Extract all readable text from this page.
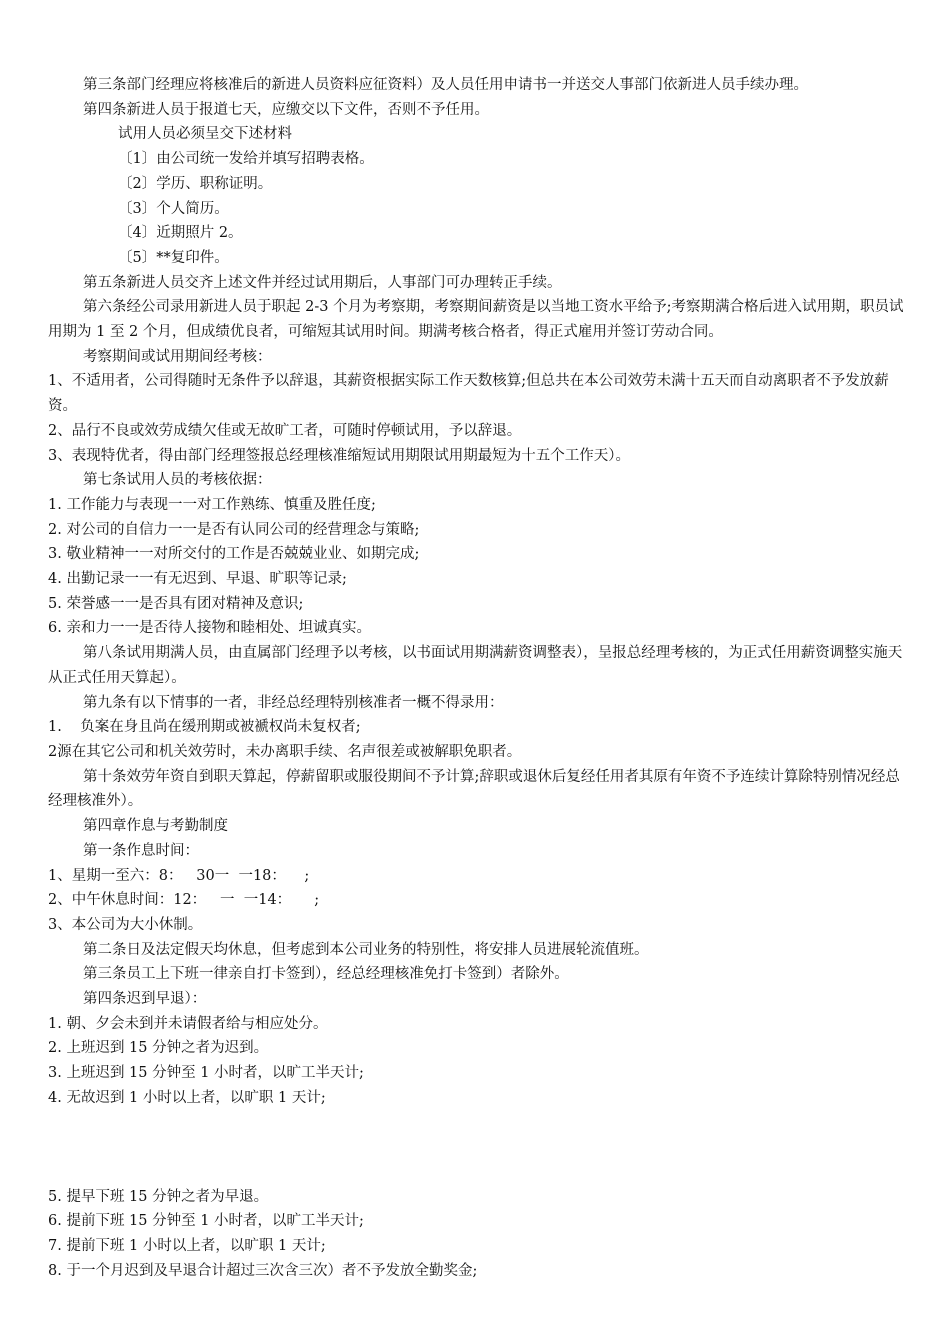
第三条部门经理应将核准后的新进人员资料应征资料）及人员任用申请书一并送交人事部门依新进人员手续办理。

第四条新进人员于报道七天，应缴交以下文件，否则不予任用。

试用人员必须呈交下述材料

〔1〕由公司统一发给并填写招聘表格。

〔2〕学历、职称证明。

〔3〕个人简历。

〔4〕近期照片 2。

〔5〕**复印件。

第五条新进人员交齐上述文件并经过试用期后，人事部门可办理转正手续。

第六条经公司录用新进人员于职起 2-3 个月为考察期，考察期间薪资是以当地工资水平给予;考察期满合格后进入试用期，职员试用期为 1 至 2 个月，但成绩优良者，可缩短其试用时间。期满考核合格者，得正式雇用并签订劳动合同。

考察期间或试用期间经考核：

1、不适用者，公司得随时无条件予以辞退，其薪资根据实际工作天数核算;但总共在本公司效劳未满十五天而自动离职者不予发放薪资。

2、品行不良或效劳成绩欠佳或无故旷工者，可随时停顿试用，予以辞退。

3、表现特优者，得由部门经理签报总经理核准缩短试用期限试用期最短为十五个工作天）。

第七条试用人员的考核依据：

1. 工作能力与表现一一对工作熟练、慎重及胜任度;

2. 对公司的自信力一一是否有认同公司的经营理念与策略;

3. 敬业精神一一对所交付的工作是否兢兢业业、如期完成;

4. 出勤记录一一有无迟到、早退、旷职等记录;

5. 荣誉感一一是否具有团对精神及意识;

6. 亲和力一一是否待人接物和睦相处、坦诚真实。

第八条试用期满人员，由直属部门经理予以考核，以书面试用期满薪资调整表），呈报总经理考核的，为正式任用薪资调整实施天从正式任用天算起）。

第九条有以下情事的一者，非经总经理特别核准者一概不得录用：

1.    负案在身且尚在缓刑期或被褫权尚未复权者;

2源在其它公司和机关效劳时，未办离职手续、名声很差或被解职免职者。

第十条效劳年资自到职天算起，停薪留职或服役期间不予计算;辞职或退休后复经任用者其原有年资不予连续计算除特别情况经总经理核准外）。

第四章作息与考勤制度

第一条作息时间：

1、星期一至六：8：   30一  一18：    ;

2、中午休息时间：12：   一  一14：     ;

3、本公司为大小休制。

第二条日及法定假天均休息，但考虑到本公司业务的特别性，将安排人员进展轮流值班。

第三条员工上下班一律亲自打卡签到），经总经理核准免打卡签到）者除外。

第四条迟到早退）：

1. 朝、夕会未到并未请假者给与相应处分。

2. 上班迟到 15 分钟之者为迟到。

3. 上班迟到 15 分钟至 1 小时者，以旷工半天计;

4. 无故迟到 1 小时以上者，以旷职 1 天计;

5. 提早下班 15 分钟之者为早退。

6. 提前下班 15 分钟至 1 小时者，以旷工半天计;

7. 提前下班 1 小时以上者，以旷职 1 天计;

8. 于一个月迟到及早退合计超过三次含三次）者不予发放全勤奖金;
